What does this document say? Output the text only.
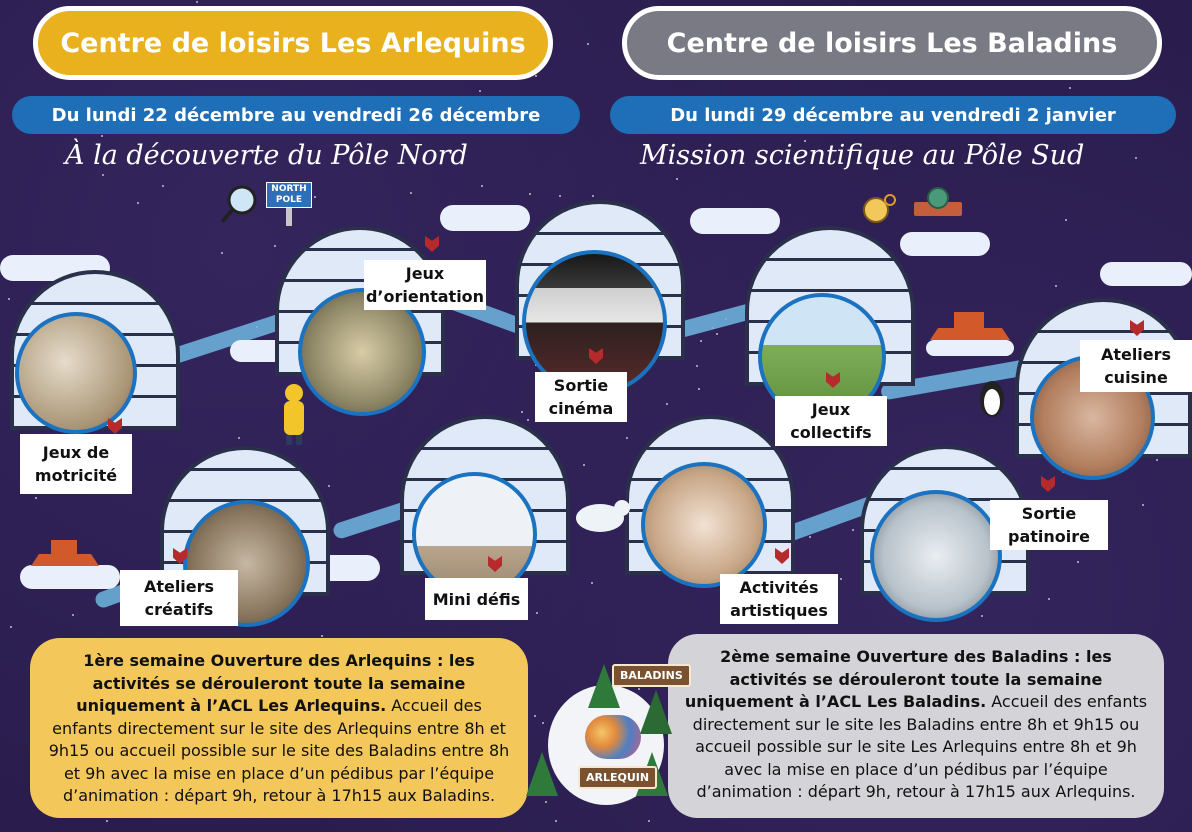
Jeux de
motricité
Jeux
d’orientation
Ateliers
créatifs
Mini défis
Sortie
cinéma
Activités
artistiques
Jeux
collectifs
Sortie
patinoire
Ateliers
cuisine
Centre de loisirs Les Arlequins	Centre de loisirs Les Baladins
Du lundi 22 décembre au vendredi 26 décembre	Du lundi 29 décembre au vendredi 2 janvier
À la découverte du Pôle Nord	Mission scientifique au Pôle Sud
NORTH
POLE
1ère semaine Ouverture des Arlequins : les activités se dérouleront toute la semaine uniquement à l’ACL Les Arlequins. Accueil des enfants directement sur le site des Arlequins entre 8h et 9h15 ou accueil possible sur le site des Baladins entre 8h et 9h avec la mise en place d’un pédibus par l’équipe d’animation : départ 9h, retour à 17h15 aux Baladins.
2ème semaine Ouverture des Baladins : les activités se dérouleront toute la semaine uniquement à l’ACL Les Baladins. Accueil des enfants directement sur le site les Baladins entre 8h et 9h15 ou accueil possible sur le site Les Arlequins entre 8h et 9h avec la mise en place d’un pédibus par l’équipe d’animation : départ 9h, retour à 17h15 aux Arlequins.
BALADINS
ARLEQUIN
